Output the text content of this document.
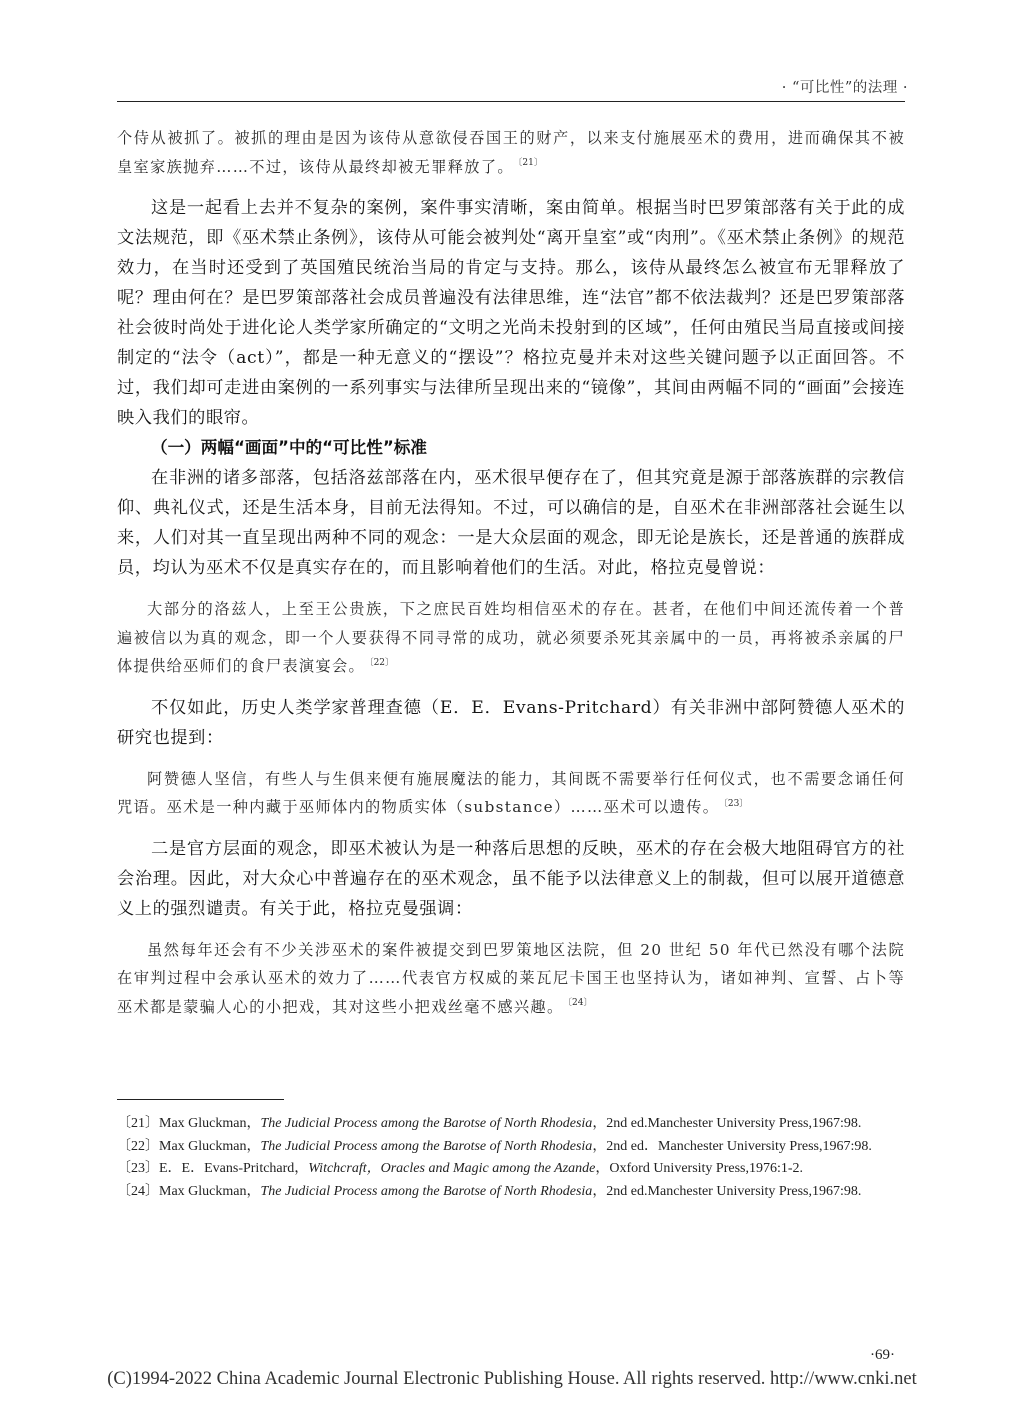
· “可比性”的法理 ·

个侍从被抓了。被抓的理由是因为该侍从意欲侵吞国王的财产，以来支付施展巫术的费用，进而确保其不被皇室家族抛弃……不过，该侍从最终却被无罪释放了。 $^{〔21〕}$

这是一起看上去并不复杂的案例，案件事实清晰，案由简单。根据当时巴罗策部落有关于此的成文法规范，即《巫术禁止条例》，该侍从可能会被判处“离开皇室”或“肉刑”。《巫术禁止条例》的规范效力，在当时还受到了英国殖民统治当局的肯定与支持。那么，该侍从最终怎么被宣布无罪释放了呢？理由何在？是巴罗策部落社会成员普遍没有法律思维，连“法官”都不依法裁判？还是巴罗策部落社会彼时尚处于进化论人类学家所确定的“文明之光尚未投射到的区域”，任何由殖民当局直接或间接制定的“法令（act）”，都是一种无意义的“摆设”？格拉克曼并未对这些关键问题予以正面回答。不过，我们却可走进由案例的一系列事实与法律所呈现出来的“镜像”，其间由两幅不同的“画面”会接连映入我们的眼帘。

（一）两幅“画面”中的“可比性”标准

在非洲的诸多部落，包括洛兹部落在内，巫术很早便存在了，但其究竟是源于部落族群的宗教信仰、典礼仪式，还是生活本身，目前无法得知。不过，可以确信的是，自巫术在非洲部落社会诞生以来，人们对其一直呈现出两种不同的观念：一是大众层面的观念，即无论是族长，还是普通的族群成员，均认为巫术不仅是真实存在的，而且影响着他们的生活。对此，格拉克曼曾说：

大部分的洛兹人，上至王公贵族，下之庶民百姓均相信巫术的存在。甚者，在他们中间还流传着一个普遍被信以为真的观念，即一个人要获得不同寻常的成功，就必须要杀死其亲属中的一员，再将被杀亲属的尸体提供给巫师们的食尸表演宴会。 $^{〔22〕}$

不仅如此，历史人类学家普理查德（E．E．Evans-Pritchard）有关非洲中部阿赞德人巫术的研究也提到：

阿赞德人坚信，有些人与生俱来便有施展魔法的能力，其间既不需要举行任何仪式，也不需要念诵任何咒语。巫术是一种内藏于巫师体内的物质实体（substance）……巫术可以遗传。 $^{〔23〕}$

二是官方层面的观念，即巫术被认为是一种落后思想的反映，巫术的存在会极大地阻碍官方的社会治理。因此，对大众心中普遍存在的巫术观念，虽不能予以法律意义上的制裁，但可以展开道德意义上的强烈谴责。有关于此，格拉克曼强调：

虽然每年还会有不少关涉巫术的案件被提交到巴罗策地区法院，但 20 世纪 50 年代已然没有哪个法院在审判过程中会承认巫术的效力了……代表官方权威的莱瓦尼卡国王也坚持认为，诸如神判、宣誓、占卜等巫术都是蒙骗人心的小把戏，其对这些小把戏丝毫不感兴趣。 $^{〔24〕}$

〔21〕Max Gluckman，The Judicial Process among the Barotse of North Rhodesia，2nd ed.Manchester University Press,1967:98.

〔22〕Max Gluckman，The Judicial Process among the Barotse of North Rhodesia，2nd ed．Manchester University Press,1967:98.

〔23〕E．E．Evans-Pritchard，Witchcraft，Oracles and Magic among the Azande，Oxford University Press,1976:1-2.

〔24〕Max Gluckman，The Judicial Process among the Barotse of North Rhodesia，2nd ed.Manchester University Press,1967:98.

·69·
(C)1994-2022 China Academic Journal Electronic Publishing House. All rights reserved. http://www.cnki.net
